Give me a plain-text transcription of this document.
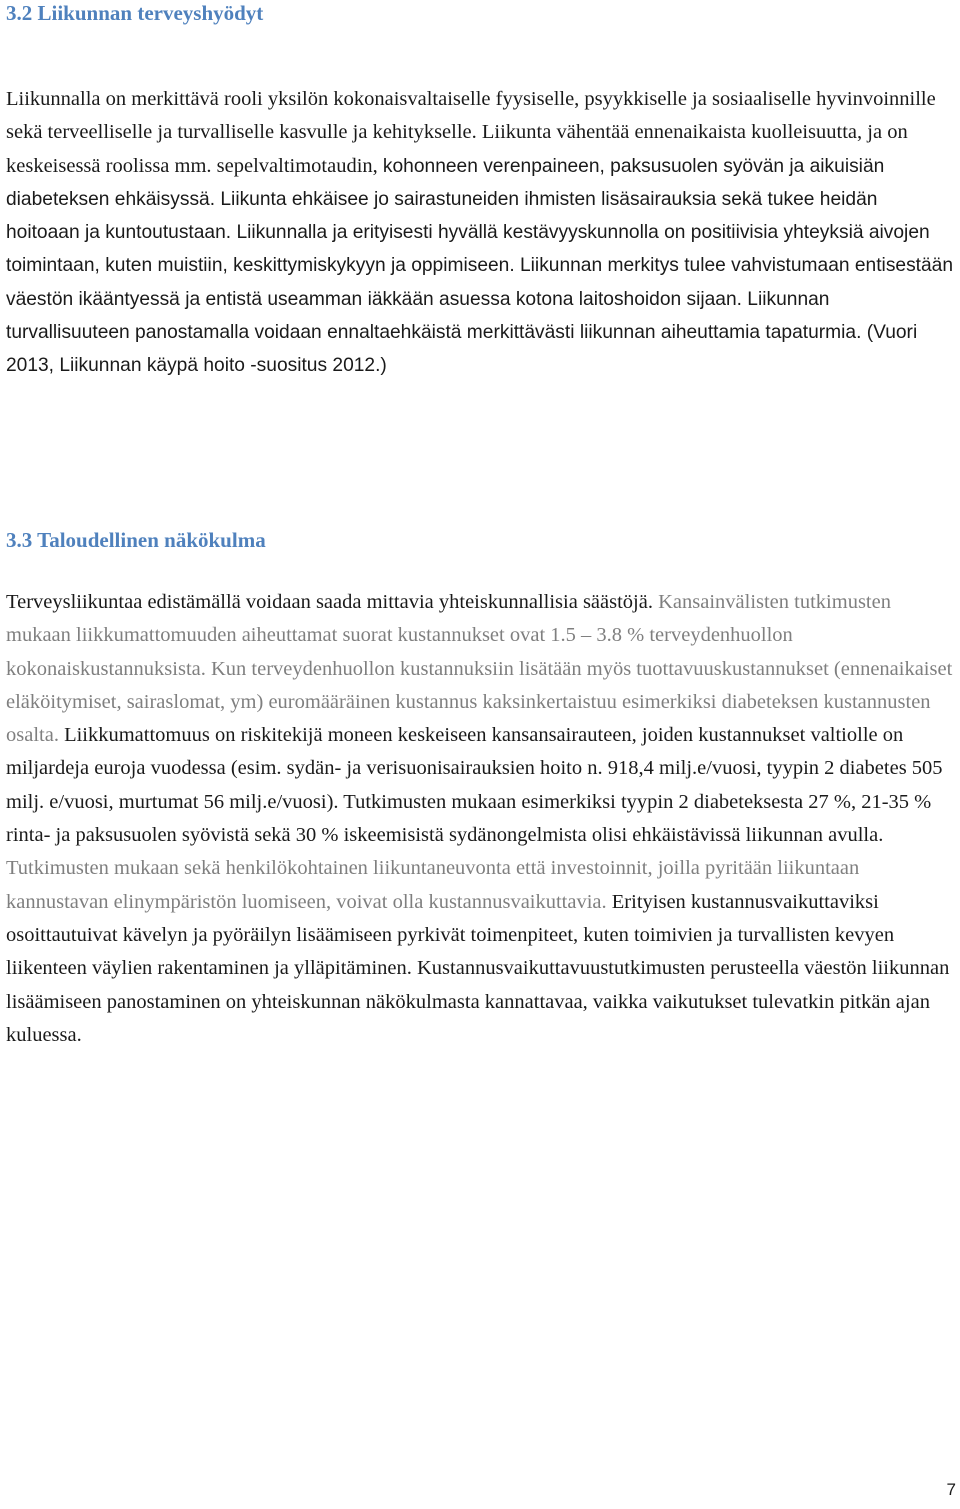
3.2 Liikunnan terveyshyödyt

Liikunnalla on merkittävä rooli yksilön kokonaisvaltaiselle fyysiselle, psyykkiselle ja sosiaaliselle hyvinvoinnille sekä terveelliselle ja turvalliselle kasvulle ja kehitykselle. Liikunta vähentää ennenaikaista kuolleisuutta, ja on keskeisessä roolissa mm. sepelvaltimotaudin, kohonneen verenpaineen, paksusuolen syövän ja aikuisiän diabeteksen ehkäisyssä. Liikunta ehkäisee jo sairastuneiden ihmisten lisäsairauksia sekä tukee heidän hoitoaan ja kuntoutustaan. Liikunnalla ja erityisesti hyvällä kestävyyskunnolla on positiivisia yhteyksiä aivojen toimintaan, kuten muistiin, keskittymiskykyyn ja oppimiseen. Liikunnan merkitys tulee vahvistumaan entisestään väestön ikääntyessä ja entistä useamman iäkkään asuessa kotona laitoshoidon sijaan. Liikunnan turvallisuuteen panostamalla voidaan ennaltaehkäistä merkittävästi liikunnan aiheuttamia tapaturmia. (Vuori 2013, Liikunnan käypä hoito -suositus 2012.)

3.3 Taloudellinen näkökulma

Terveysliikuntaa edistämällä voidaan saada mittavia yhteiskunnallisia säästöjä. Kansainvälisten tutkimusten mukaan liikkumattomuuden aiheuttamat suorat kustannukset ovat 1.5 – 3.8 % terveydenhuollon kokonaiskustannuksista. Kun terveydenhuollon kustannuksiin lisätään myös tuottavuuskustannukset (ennenaikaiset eläköitymiset, sairaslomat, ym) euromääräinen kustannus kaksinkertaistuu esimerkiksi diabeteksen kustannusten osalta. Liikkumattomuus on riskitekijä moneen keskeiseen kansansairauteen, joiden kustannukset valtiolle on miljardeja euroja vuodessa (esim. sydän- ja verisuonisairauksien hoito n. 918,4 milj.e/vuosi, tyypin 2 diabetes 505 milj. e/vuosi, murtumat 56 milj.e/vuosi). Tutkimusten mukaan esimerkiksi tyypin 2 diabeteksesta 27 %, 21-35 % rinta- ja paksusuolen syövistä sekä 30 % iskeemisistä sydänongelmista olisi ehkäistävissä liikunnan avulla. Tutkimusten mukaan sekä henkilökohtainen liikuntaneuvonta että investoinnit, joilla pyritään liikuntaan kannustavan elinympäristön luomiseen, voivat olla kustannusvaikuttavia. Erityisen kustannusvaikuttaviksi osoittautuivat kävelyn ja pyöräilyn lisäämiseen pyrkivät toimenpiteet, kuten toimivien ja turvallisten kevyen liikenteen väylien rakentaminen ja ylläpitäminen. Kustannusvaikuttavuustutkimusten perusteella väestön liikunnan lisäämiseen panostaminen on yhteiskunnan näkökulmasta kannattavaa, vaikka vaikutukset tulevatkin pitkän ajan kuluessa.

7
